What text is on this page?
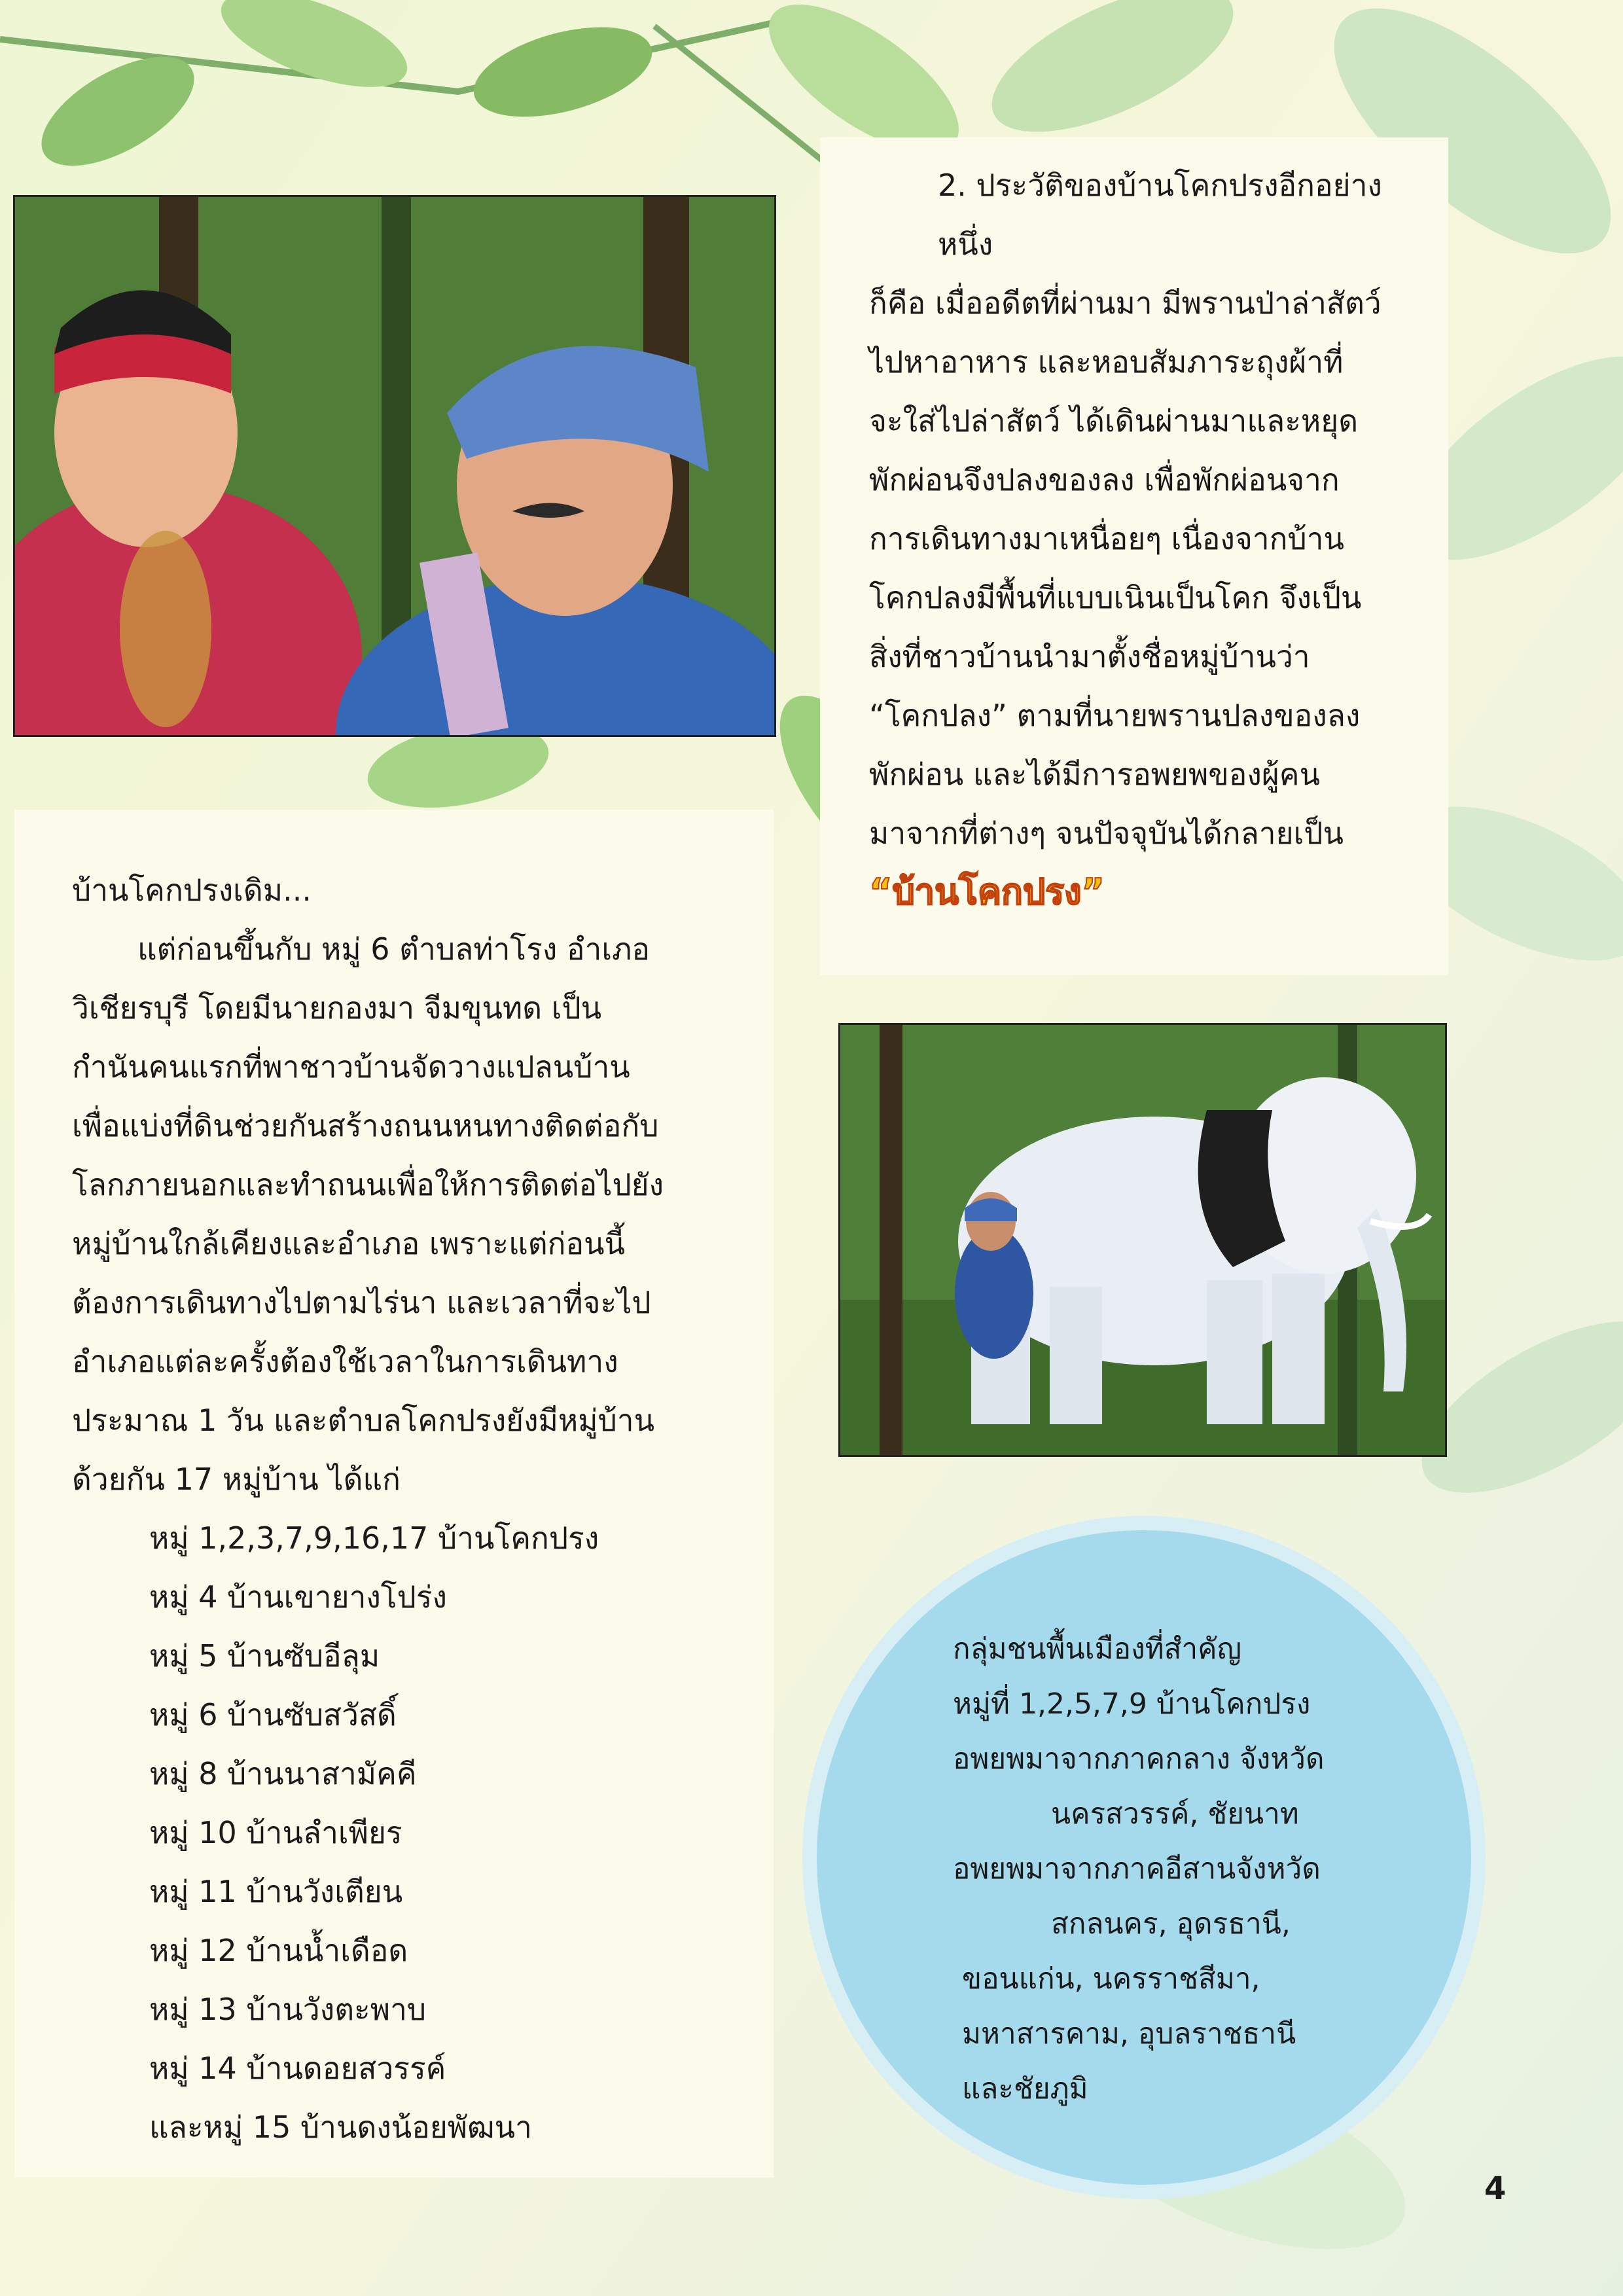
2. ประวัติของบ้านโคกปรงอีกอย่างหนึ่ง
ก็คือ เมื่ออดีตที่ผ่านมา มีพรานป่าล่าสัตว์
ไปหาอาหาร และหอบสัมภาระถุงผ้าที่
จะใส่ไปล่าสัตว์ ได้เดินผ่านมาและหยุด
พักผ่อนจึงปลงของลง เพื่อพักผ่อนจาก
การเดินทางมาเหนื่อยๆ เนื่องจากบ้าน
โคกปลงมีพื้นที่แบบเนินเป็นโคก จึงเป็น
สิ่งที่ชาวบ้านนำมาตั้งชื่อหมู่บ้านว่า
“โคกปลง” ตามที่นายพรานปลงของลง
พักผ่อน และได้มีการอพยพของผู้คน
มาจากที่ต่างๆ จนปัจจุบันได้กลายเป็น
“บ้านโคกปรง”
บ้านโคกปรงเดิม...
แต่ก่อนขึ้นกับ หมู่ 6 ตำบลท่าโรง อำเภอ
วิเชียรบุรี โดยมีนายกองมา จีมขุนทด เป็น
กำนันคนแรกที่พาชาวบ้านจัดวางแปลนบ้าน
เพื่อแบ่งที่ดินช่วยกันสร้างถนนหนทางติดต่อกับ
โลกภายนอกและทำถนนเพื่อให้การติดต่อไปยัง
หมู่บ้านใกล้เคียงและอำเภอ เพราะแต่ก่อนนี้
ต้องการเดินทางไปตามไร่นา และเวลาที่จะไป
อำเภอแต่ละครั้งต้องใช้เวลาในการเดินทาง
ประมาณ 1 วัน และตำบลโคกปรงยังมีหมู่บ้าน
ด้วยกัน 17 หมู่บ้าน ได้แก่
หมู่ 1,2,3,7,9,16,17 บ้านโคกปรง
หมู่ 4 บ้านเขายางโปร่ง
หมู่ 5 บ้านซับอีลุม
หมู่ 6 บ้านซับสวัสดิ์
หมู่ 8 บ้านนาสามัคคี
หมู่ 10 บ้านลำเพียร
หมู่ 11 บ้านวังเตียน
หมู่ 12 บ้านน้ำเดือด
หมู่ 13 บ้านวังตะพาบ
หมู่ 14 บ้านดอยสวรรค์
และหมู่ 15 บ้านดงน้อยพัฒนา
กลุ่มชนพื้นเมืองที่สำคัญ
หมู่ที่ 1,2,5,7,9 บ้านโคกปรง
อพยพมาจากภาคกลาง จังหวัด
นครสวรรค์, ชัยนาท
อพยพมาจากภาคอีสานจังหวัด
สกลนคร, อุดรธานี,
ขอนแก่น, นครราชสีมา,
มหาสารคาม, อุบลราชธานี
และชัยภูมิ
4
